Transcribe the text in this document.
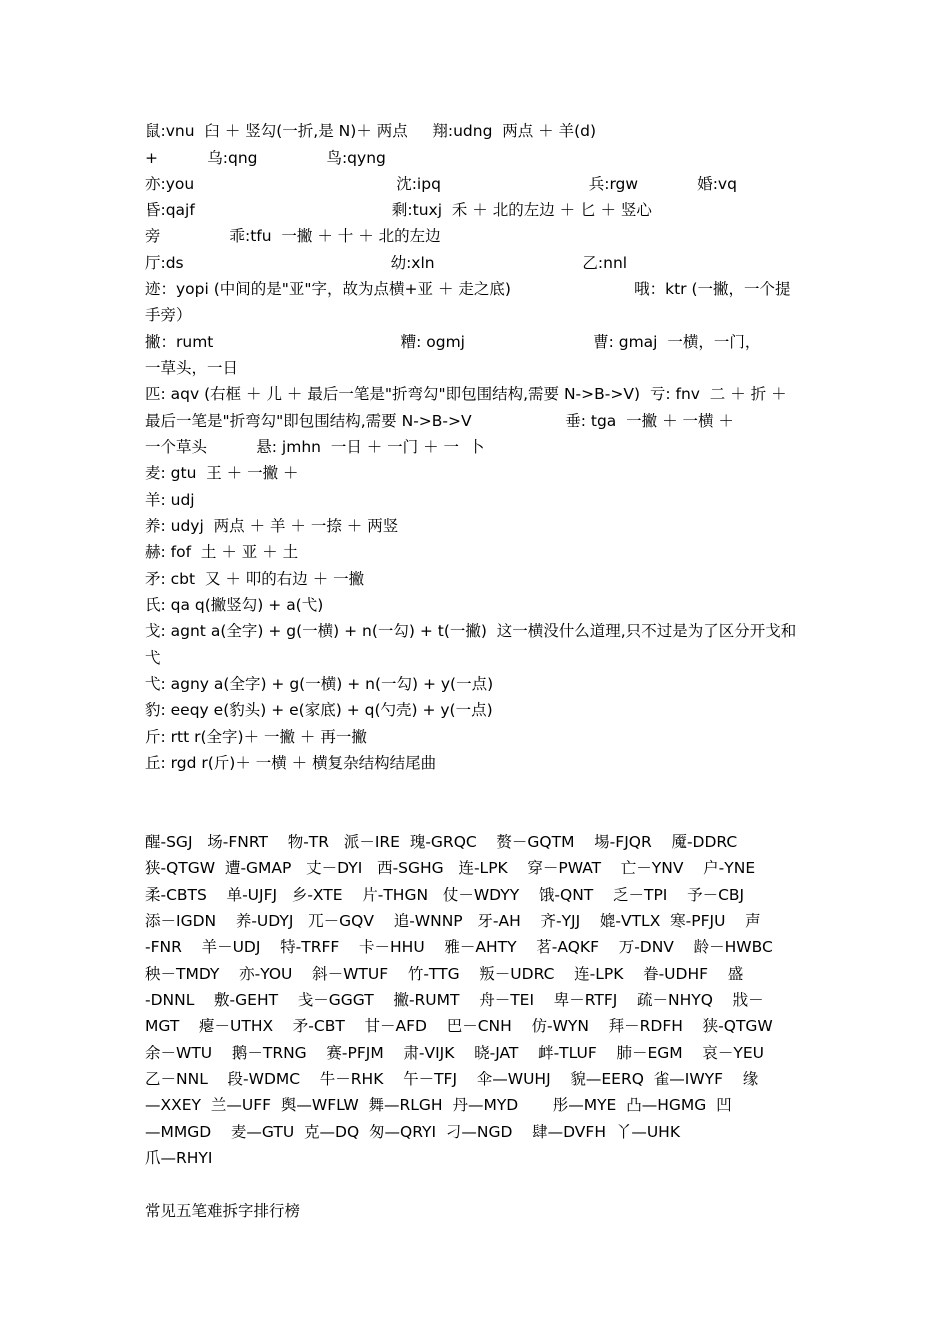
鼠:vnu  臼 ＋ 竖勾(一折,是 N)＋ 两点     翔:udng  两点 ＋ 羊(d)
+          乌:qng              鸟:qyng
亦:you                                         沈:ipq                              兵:rgw            婚:vq
昏:qajf                                        剩:tuxj  禾 ＋ 北的左边 ＋ 匕 ＋ 竖心
旁              乖:tfu  一撇 ＋ 十 ＋ 北的左边
厅:ds                                          幼:xln                              乙:nnl
迹：yopi (中间的是"亚"字，故为点横+亚 ＋ 走之底)                         哦：ktr (一撇，一个提
手旁）
撇：rumt                                      糟: ogmj                          曹: gmaj  一横，一门，
一草头，一日
匹: aqv (右框 ＋ 儿 ＋ 最后一笔是"折弯勾"即包围结构,需要 N->B->V)  亏: fnv  二 ＋ 折 ＋
最后一笔是"折弯勾"即包围结构,需要 N->B->V                   垂: tga  一撇 ＋ 一横 ＋
一个草头          悬: jmhn  一日 ＋ 一门 ＋ 一  卜
麦: gtu  王 ＋ 一撇 ＋
羊: udj
养: udyj  两点 ＋ 羊 ＋ 一捺 ＋ 两竖
赫: fof  土 ＋ 亚 ＋ 土
矛: cbt  又 ＋ 叩的右边 ＋ 一撇
氏: qa q(撇竖勾) + a(弋)
戈: agnt a(全字) + g(一横) + n(一勾) + t(一撇)  这一横没什么道理,只不过是为了区分开戈和
弋
弋: agny a(全字) + g(一横) + n(一勾) + y(一点)
豹: eeqy e(豹头) + e(家底) + q(勺壳) + y(一点)
斤: rtt r(全字)＋ 一撇 ＋ 再一撇
丘: rgd r(斤)＋ 一横 ＋ 横复杂结构结尾曲
醒-SGJ   场-FNRT    物-TR   派－IRE  瑰-GRQC    赘－GQTM    埸-FJQR    魇-DDRC
狭-QTGW  遭-GMAP   丈－DYI   西-SGHG   连-LPK    穿－PWAT    亡－YNV    户-YNE
柔-CBTS    单-UJFJ   乡-XTE    片-THGN   仗－WDYY    饿-QNT    乏－TPI    予－CBJ
添－IGDN    养-UDYJ   兀－GQV    追-WNNP   牙-AH    齐-YJJ    媲-VTLX  寒-PFJU    声
-FNR    羊－UDJ    特-TRFF    卡－HHU    雅－AHTY    茗-AQKF    万-DNV    龄－HWBC
秧－TMDY    亦-YOU    斜－WTUF    竹-TTG    叛－UDRC    连-LPK    眷-UDHF    盛
-DNNL    敷-GEHT    戋－GGGT    撇-RUMT    舟－TEI    卑－RTFJ    疏－NHYQ    戕－
MGT    瘪－UTHX    矛-CBT    甘－AFD    巴－CNH    仿-WYN    拜－RDFH    狭-QTGW
余－WTU    鹅－TRNG    赛-PFJM    肃-VIJK    晓-JAT    衅-TLUF    肺－EGM    哀－YEU
乙－NNL    段-WDMC    牛－RHK    午－TFJ    伞—WUHJ    貌—EERQ  雀—IWYF    缘
—XXEY  兰—UFF  舆—WFLW  舞—RLGH  丹—MYD       彤—MYE  凸—HGMG  凹
—MMGD    麦—GTU  克—DQ  匆—QRYI  刁—NGD    肆—DVFH  丫—UHK
爪—RHYI
常见五笔难拆字排行榜
